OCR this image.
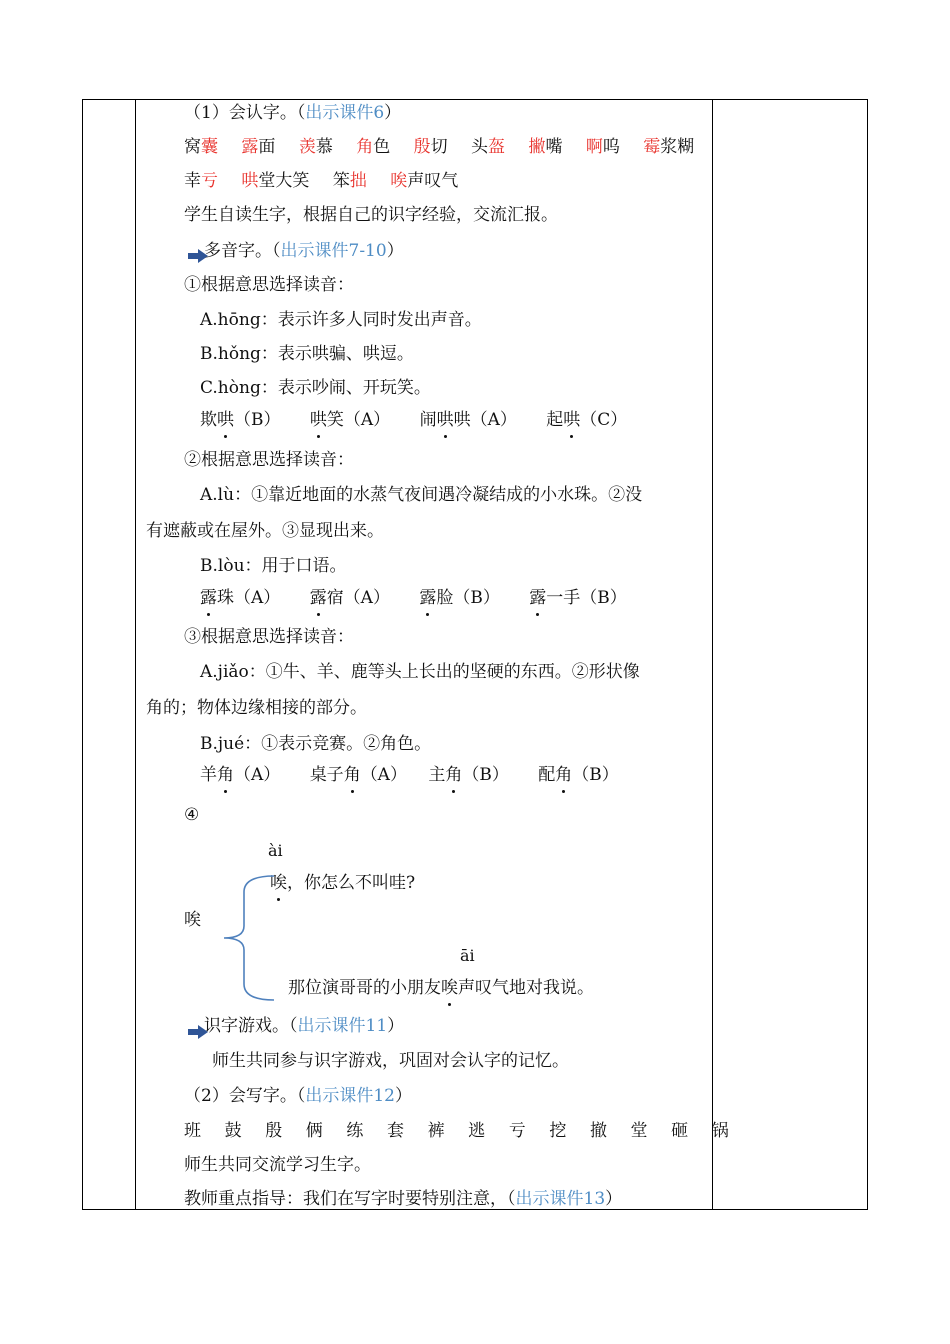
（1）会认字。（出示课件6）
窝囊 露面 羡慕 角色 殷切 头盔 撇嘴 啊呜 霉浆糊
幸亏 哄堂大笑 笨拙 唉声叹气
学生自读生字，根据自己的识字经验，交流汇报。
多音字。（出示课件7-10）
①根据意思选择读音：
A.hōng：表示许多人同时发出声音。
B.hǒng：表示哄骗、哄逗。
C.hòng：表示吵闹、开玩笑。
欺哄（B） 哄笑（A） 闹哄哄（A） 起哄（C）
②根据意思选择读音：
A.lù：①靠近地面的水蒸气夜间遇冷凝结成的小水珠。②没
有遮蔽或在屋外。③显现出来。
B.lòu：用于口语。
露珠（A） 露宿（A） 露脸（B） 露一手（B）
③根据意思选择读音：
A.jiǎo：①牛、羊、鹿等头上长出的坚硬的东西。②形状像
角的；物体边缘相接的部分。
B.jué：①表示竞赛。②角色。
羊角（A） 桌子角（A） 主角（B） 配角（B）
④
ài
唉，你怎么不叫哇?
唉
āi
那位演哥哥的小朋友唉声叹气地对我说。
识字游戏。（出示课件11）
师生共同参与识字游戏，巩固对会认字的记忆。
（2）会写字。（出示课件12）
班 鼓 殷 俩 练 套 裤 逃 亏 挖 撤 堂 砸 锅
师生共同交流学习生字。
教师重点指导：我们在写字时要特别注意，（出示课件13）
